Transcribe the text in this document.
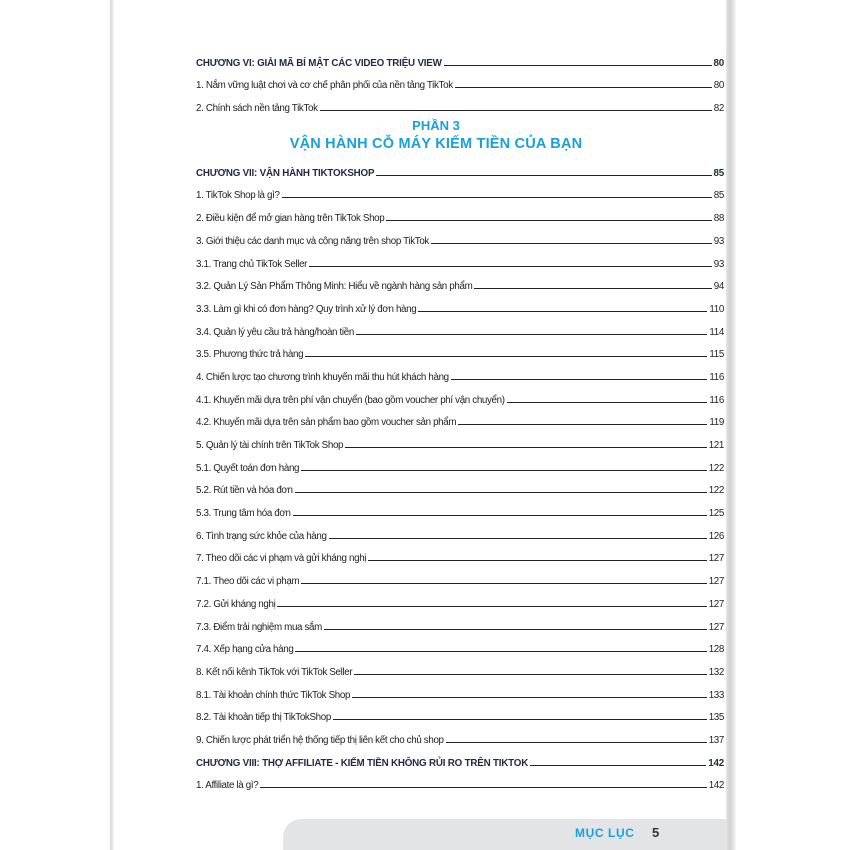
CHƯƠNG VI: GIẢI MÃ BÍ MẬT CÁC VIDEO TRIỆU VIEW	80
1. Nắm vững luật chơi và cơ chế phân phối của nền tảng TikTok	80
2. Chính sách nền tảng TikTok	82
PHẦN 3
VẬN HÀNH CỖ MÁY KIẾM TIỀN CỦA BẠN
CHƯƠNG VII: VẬN HÀNH TIKTOKSHOP	85
1. TikTok Shop là gì?	85
2. Điều kiện để mở gian hàng trên TikTok Shop	88
3. Giới thiệu các danh mục và công năng trên shop TikTok	93
3.1. Trang chủ TikTok Seller	93
3.2. Quản Lý Sản Phẩm Thông Minh: Hiểu về ngành hàng sản phẩm	94
3.3. Làm gì khi có đơn hàng? Quy trình xử lý đơn hàng	110
3.4. Quản lý yêu cầu trả hàng/hoàn tiền	114
3.5. Phương thức trả hàng	115
4. Chiến lược tạo chương trình khuyến mãi thu hút khách hàng	116
4.1. Khuyến mãi dựa trên phí vận chuyển (bao gồm voucher phí vận chuyển)	116
4.2. Khuyến mãi dựa trên sản phẩm bao gồm voucher sản phẩm	119
5. Quản lý tài chính trên TikTok Shop	121
5.1. Quyết toán đơn hàng	122
5.2. Rút tiền và hóa đơn	122
5.3. Trung tâm hóa đơn	125
6. Tình trạng sức khỏe của hàng	126
7. Theo dõi các vi phạm và gửi kháng nghị	127
7.1. Theo dõi các vi phạm	127
7.2. Gửi kháng nghị	127
7.3. Điểm trải nghiệm mua sắm	127
7.4. Xếp hạng cửa hàng	128
8. Kết nối kênh TikTok với TikTok Seller	132
8.1. Tài khoản chính thức TikTok Shop	133
8.2. Tài khoản tiếp thị TikTokShop	135
9. Chiến lược phát triển hệ thống tiếp thị liên kết cho chủ shop	137
CHƯƠNG VIII: THỢ AFFILIATE - KIẾM TIỀN KHÔNG RỦI RO TRÊN TIKTOK	142
1. Affiliate là gì?	142
MỤC LỤC 5
